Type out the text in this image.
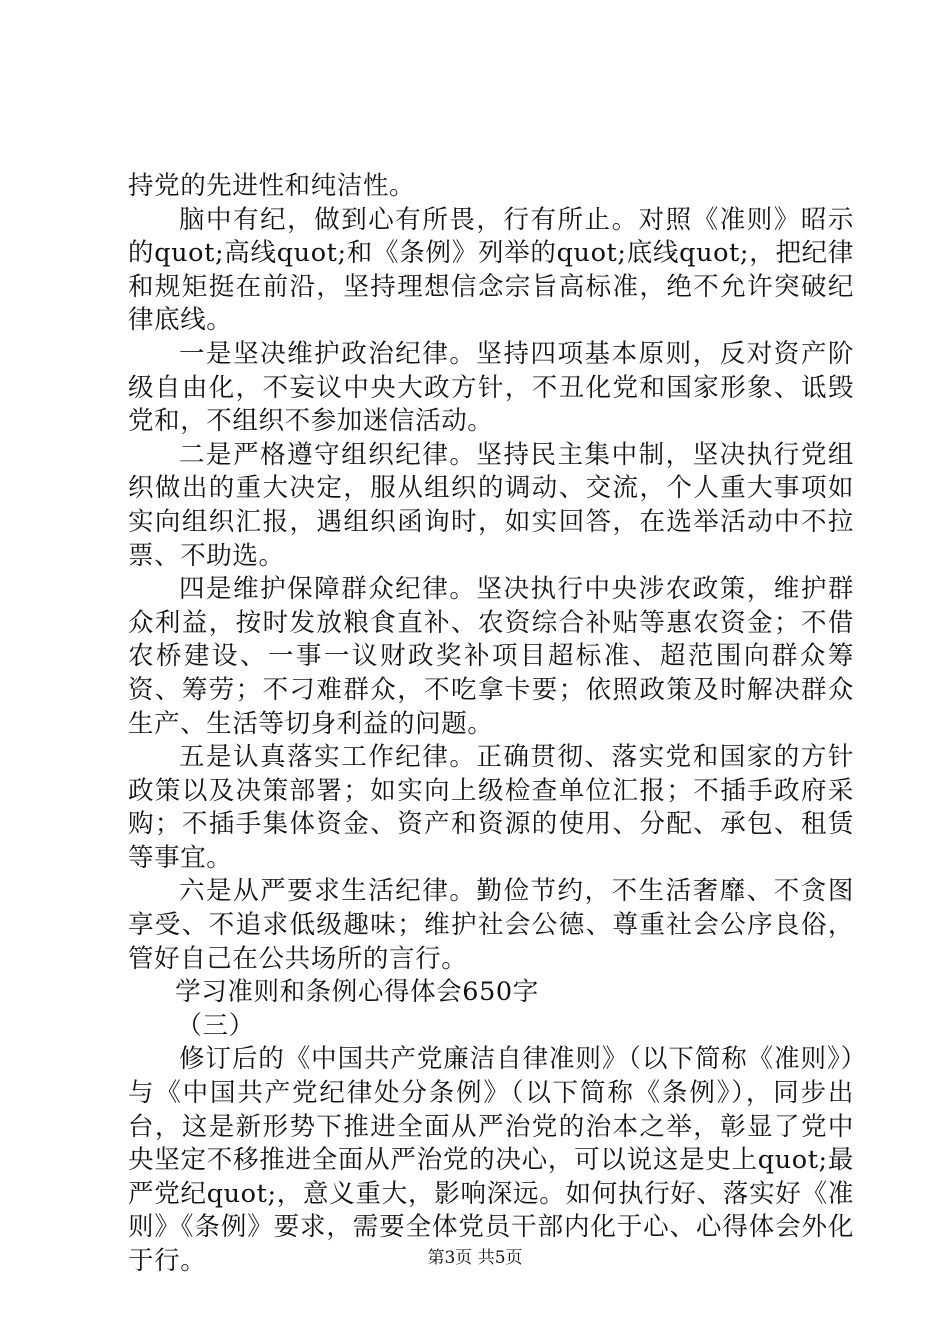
持党的先进性和纯洁性。

脑中有纪，做到心有所畏，行有所止。对照《准则》昭示的quot;高线quot;和《条例》列举的quot;底线quot;，把纪律和规矩挺在前沿，坚持理想信念宗旨高标准，绝不允许突破纪律底线。

一是坚决维护政治纪律。坚持四项基本原则，反对资产阶级自由化，不妄议中央大政方针，不丑化党和国家形象、诋毁党和，不组织不参加迷信活动。

二是严格遵守组织纪律。坚持民主集中制，坚决执行党组织做出的重大决定，服从组织的调动、交流，个人重大事项如实向组织汇报，遇组织函询时，如实回答，在选举活动中不拉票、不助选。

四是维护保障群众纪律。坚决执行中央涉农政策，维护群众利益，按时发放粮食直补、农资综合补贴等惠农资金；不借农桥建设、一事一议财政奖补项目超标准、超范围向群众筹资、筹劳；不刁难群众，不吃拿卡要；依照政策及时解决群众生产、生活等切身利益的问题。

五是认真落实工作纪律。正确贯彻、落实党和国家的方针政策以及决策部署；如实向上级检查单位汇报；不插手政府采购；不插手集体资金、资产和资源的使用、分配、承包、租赁等事宜。

六是从严要求生活纪律。勤俭节约，不生活奢靡、不贪图享受、不追求低级趣味；维护社会公德、尊重社会公序良俗，管好自己在公共场所的言行。

学习准则和条例心得体会650字

（三）

修订后的《中国共产党廉洁自律准则》（以下简称《准则》）与《中国共产党纪律处分条例》（以下简称《条例》），同步出台，这是新形势下推进全面从严治党的治本之举，彰显了党中央坚定不移推进全面从严治党的决心，可以说这是史上quot;最严党纪quot;，意义重大，影响深远。如何执行好、落实好《准则》《条例》要求，需要全体党员干部内化于心、心得体会外化于行。	第3页 共5页
